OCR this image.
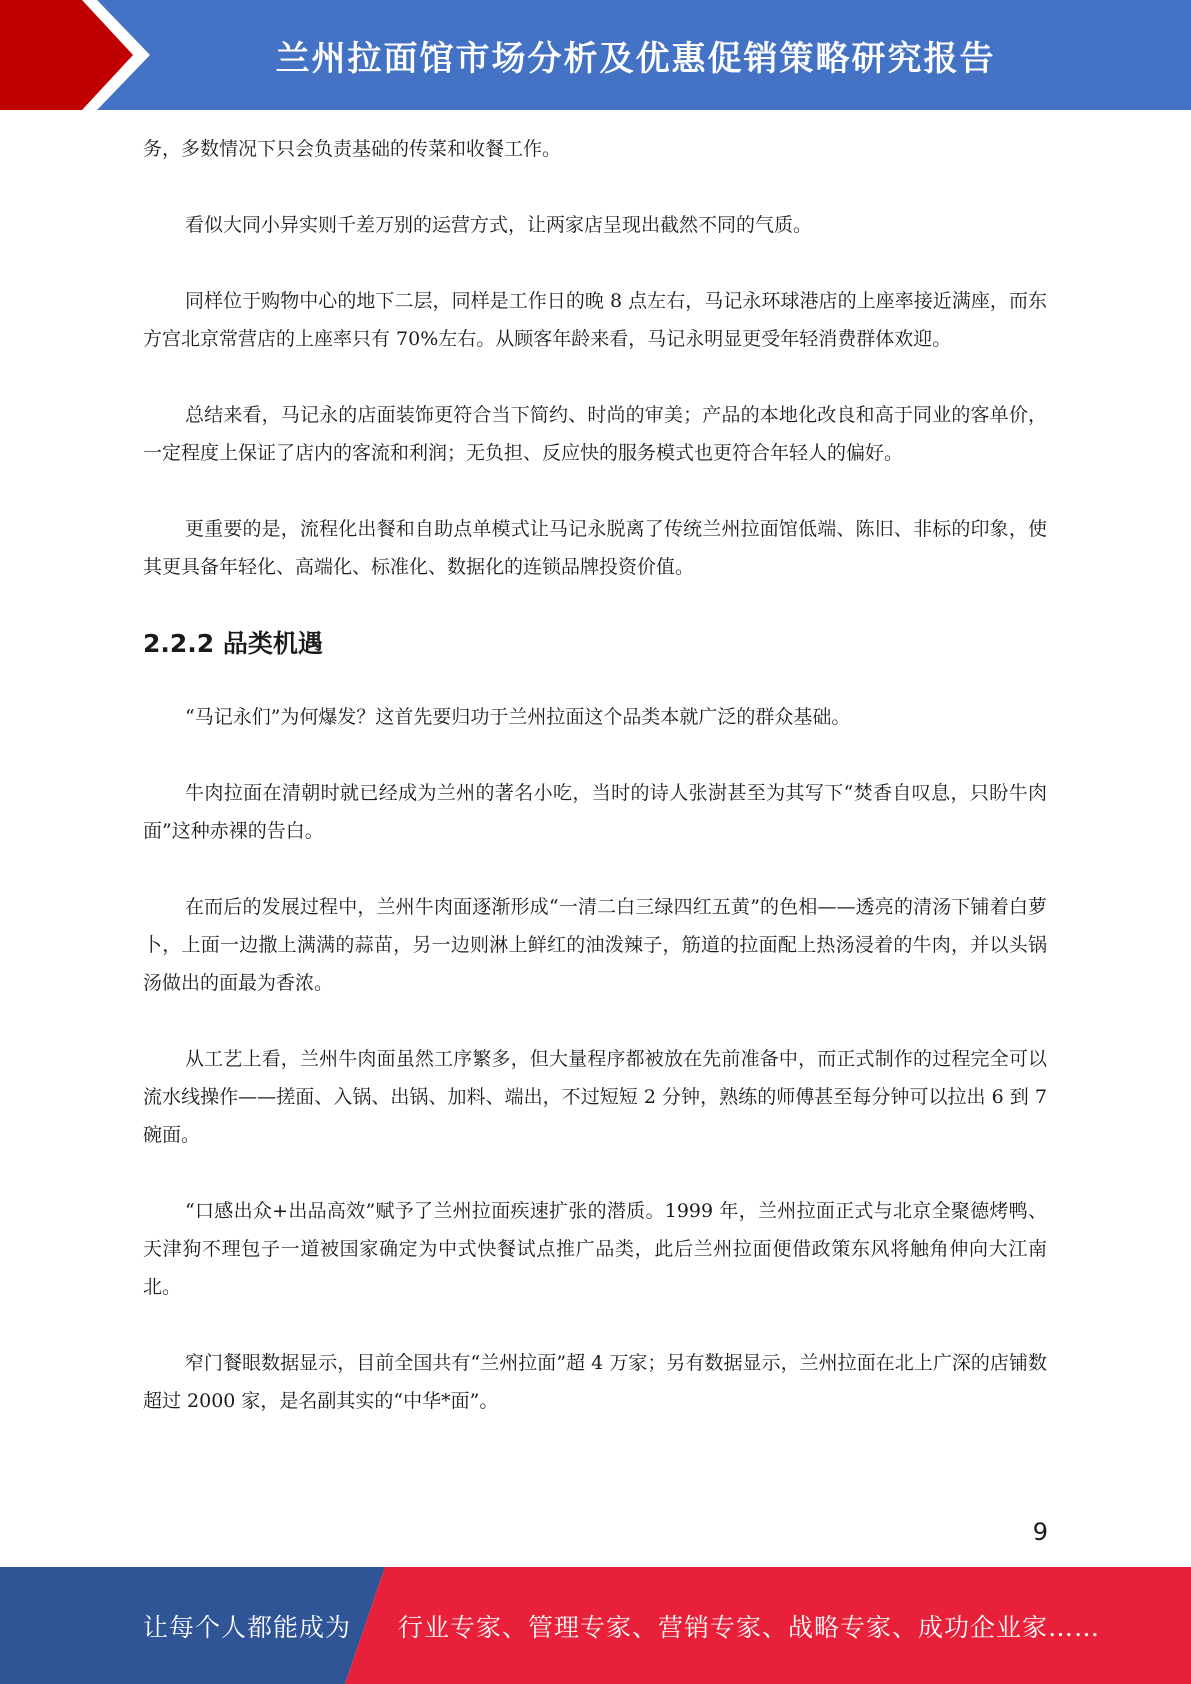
兰州拉面馆市场分析及优惠促销策略研究报告

务，多数情况下只会负责基础的传菜和收餐工作。

看似大同小异实则千差万别的运营方式，让两家店呈现出截然不同的气质。

同样位于购物中心的地下二层，同样是工作日的晚 8 点左右，马记永环球港店的上座率接近满座，而东方宫北京常营店的上座率只有 70%左右。从顾客年龄来看，马记永明显更受年轻消费群体欢迎。

总结来看，马记永的店面装饰更符合当下简约、时尚的审美；产品的本地化改良和高于同业的客单价，一定程度上保证了店内的客流和利润；无负担、反应快的服务模式也更符合年轻人的偏好。

更重要的是，流程化出餐和自助点单模式让马记永脱离了传统兰州拉面馆低端、陈旧、非标的印象，使其更具备年轻化、高端化、标准化、数据化的连锁品牌投资价值。

2.2.2 品类机遇

“马记永们”为何爆发？这首先要归功于兰州拉面这个品类本就广泛的群众基础。

牛肉拉面在清朝时就已经成为兰州的著名小吃，当时的诗人张澍甚至为其写下“焚香自叹息，只盼牛肉面”这种赤裸的告白。

在而后的发展过程中，兰州牛肉面逐渐形成“一清二白三绿四红五黄”的色相——透亮的清汤下铺着白萝卜，上面一边撒上满满的蒜苗，另一边则淋上鲜红的油泼辣子，筋道的拉面配上热汤浸着的牛肉，并以头锅汤做出的面最为香浓。

从工艺上看，兰州牛肉面虽然工序繁多，但大量程序都被放在先前准备中，而正式制作的过程完全可以流水线操作——搓面、入锅、出锅、加料、端出，不过短短 2 分钟，熟练的师傅甚至每分钟可以拉出 6 到 7 碗面。

“口感出众+出品高效”赋予了兰州拉面疾速扩张的潜质。1999 年，兰州拉面正式与北京全聚德烤鸭、天津狗不理包子一道被国家确定为中式快餐试点推广品类，此后兰州拉面便借政策东风将触角伸向大江南北。

窄门餐眼数据显示，目前全国共有“兰州拉面”超 4 万家；另有数据显示，兰州拉面在北上广深的店铺数超过 2000 家，是名副其实的“中华*面”。

9
让每个人都能成为 行业专家、管理专家、营销专家、战略专家、成功企业家……
